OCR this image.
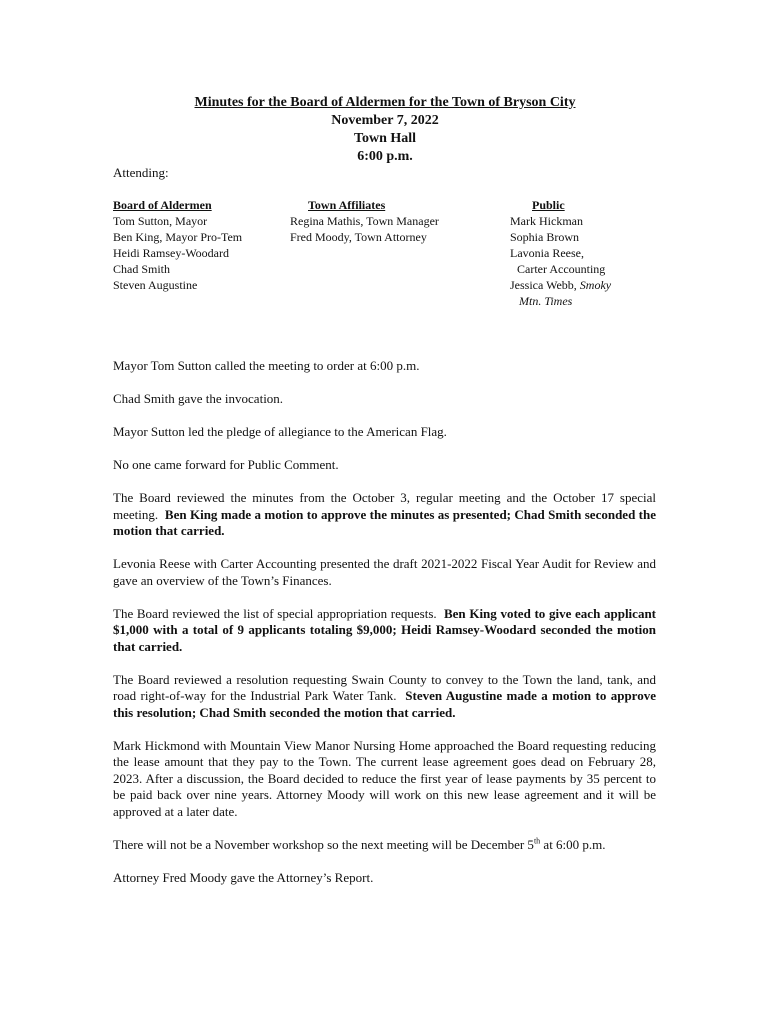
Minutes for the Board of Aldermen for the Town of Bryson City
November 7, 2022
Town Hall
6:00 p.m.
Attending:
Board of Aldermen
Tom Sutton, Mayor
Ben King, Mayor Pro-Tem
Heidi Ramsey-Woodard
Chad Smith
Steven Augustine
Town Affiliates
Regina Mathis, Town Manager
Fred Moody, Town Attorney
Public
Mark Hickman
Sophia Brown
Lavonia Reese,
Carter Accounting
Jessica Webb, Smoky
Mtn. Times

Mayor Tom Sutton called the meeting to order at 6:00 p.m.

Chad Smith gave the invocation.

Mayor Sutton led the pledge of allegiance to the American Flag.

No one came forward for Public Comment.

The Board reviewed the minutes from the October 3, regular meeting and the October 17 special meeting. Ben King made a motion to approve the minutes as presented; Chad Smith seconded the motion that carried.

Levonia Reese with Carter Accounting presented the draft 2021-2022 Fiscal Year Audit for Review and gave an overview of the Town’s Finances.

The Board reviewed the list of special appropriation requests. Ben King voted to give each applicant $1,000 with a total of 9 applicants totaling $9,000; Heidi Ramsey-Woodard seconded the motion that carried.

The Board reviewed a resolution requesting Swain County to convey to the Town the land, tank, and road right-of-way for the Industrial Park Water Tank. Steven Augustine made a motion to approve this resolution; Chad Smith seconded the motion that carried.

Mark Hickmond with Mountain View Manor Nursing Home approached the Board requesting reducing the lease amount that they pay to the Town. The current lease agreement goes dead on February 28, 2023. After a discussion, the Board decided to reduce the first year of lease payments by 35 percent to be paid back over nine years. Attorney Moody will work on this new lease agreement and it will be approved at a later date.

There will not be a November workshop so the next meeting will be December 5th at 6:00 p.m.

Attorney Fred Moody gave the Attorney’s Report.
